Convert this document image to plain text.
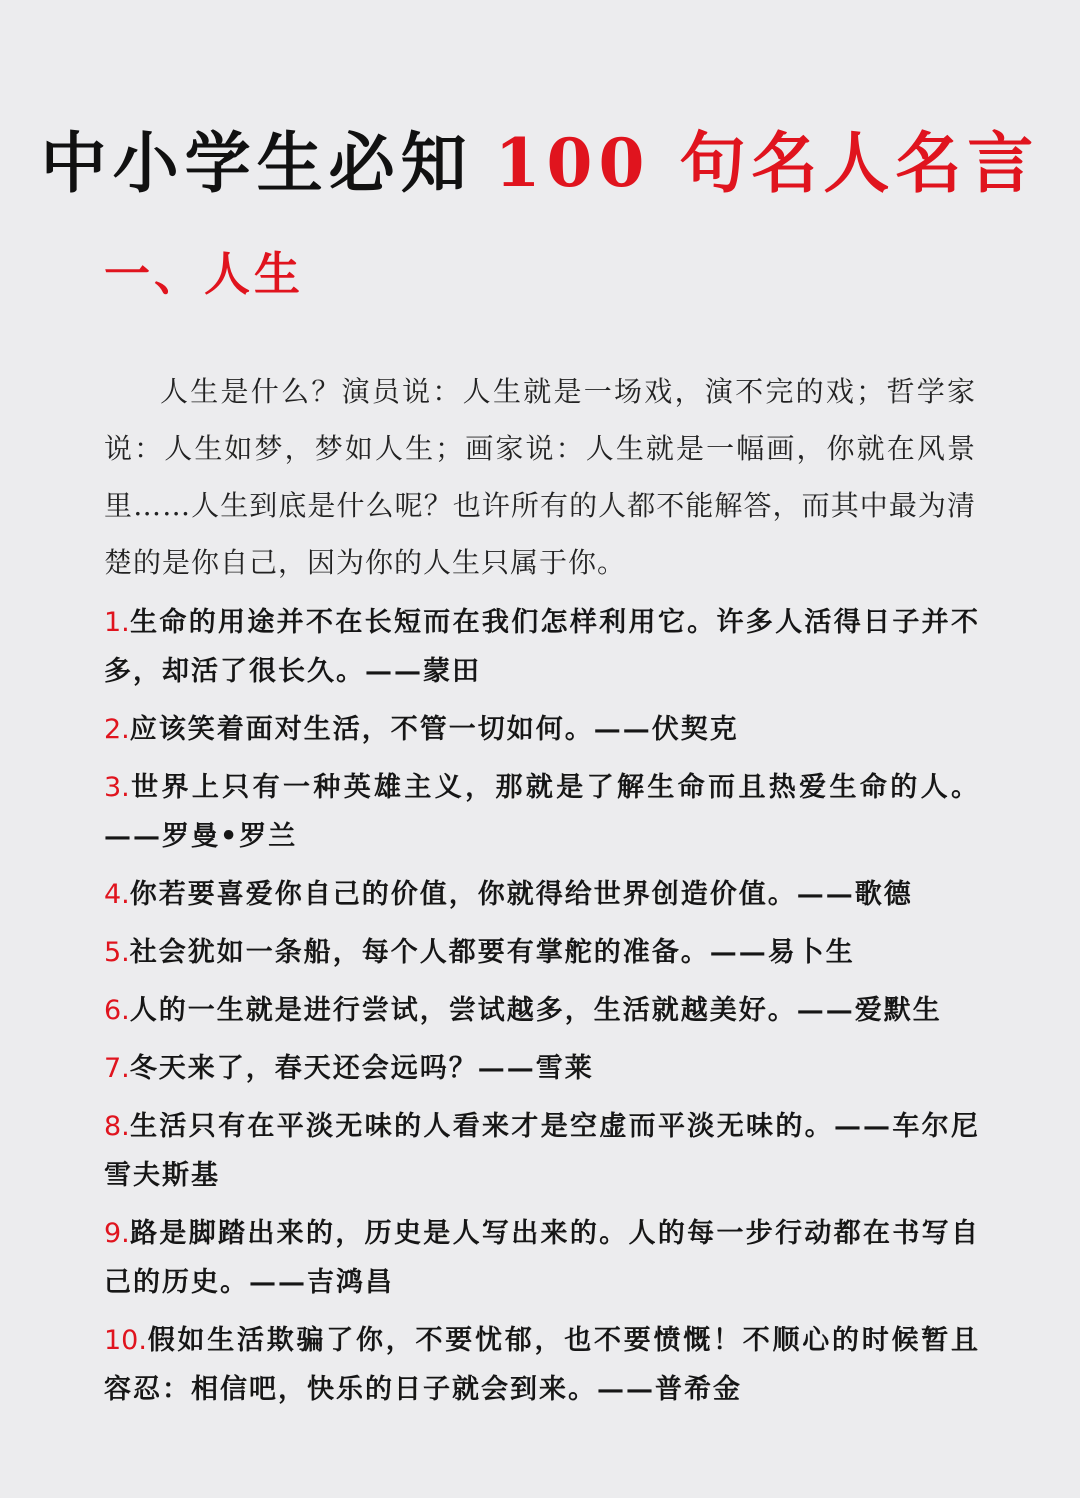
中小学生必知 100 句名人名言
一、人生

人生是什么？演员说：人生就是一场戏，演不完的戏；哲学家说：人生如梦，梦如人生；画家说：人生就是一幅画，你就在风景里……人生到底是什么呢？也许所有的人都不能解答，而其中最为清楚的是你自己，因为你的人生只属于你。

1.生命的用途并不在长短而在我们怎样利用它。许多人活得日子并不多，却活了很长久。——蒙田
2.应该笑着面对生活，不管一切如何。——伏契克
3.世界上只有一种英雄主义，那就是了解生命而且热爱生命的人。——罗曼•罗兰
4.你若要喜爱你自己的价值，你就得给世界创造价值。——歌德
5.社会犹如一条船，每个人都要有掌舵的准备。——易卜生
6.人的一生就是进行尝试，尝试越多，生活就越美好。——爱默生
7.冬天来了，春天还会远吗？——雪莱
8.生活只有在平淡无味的人看来才是空虚而平淡无味的。——车尔尼雪夫斯基
9.路是脚踏出来的，历史是人写出来的。人的每一步行动都在书写自己的历史。——吉鸿昌
10.假如生活欺骗了你，不要忧郁，也不要愤慨！不顺心的时候暂且容忍：相信吧，快乐的日子就会到来。——普希金
